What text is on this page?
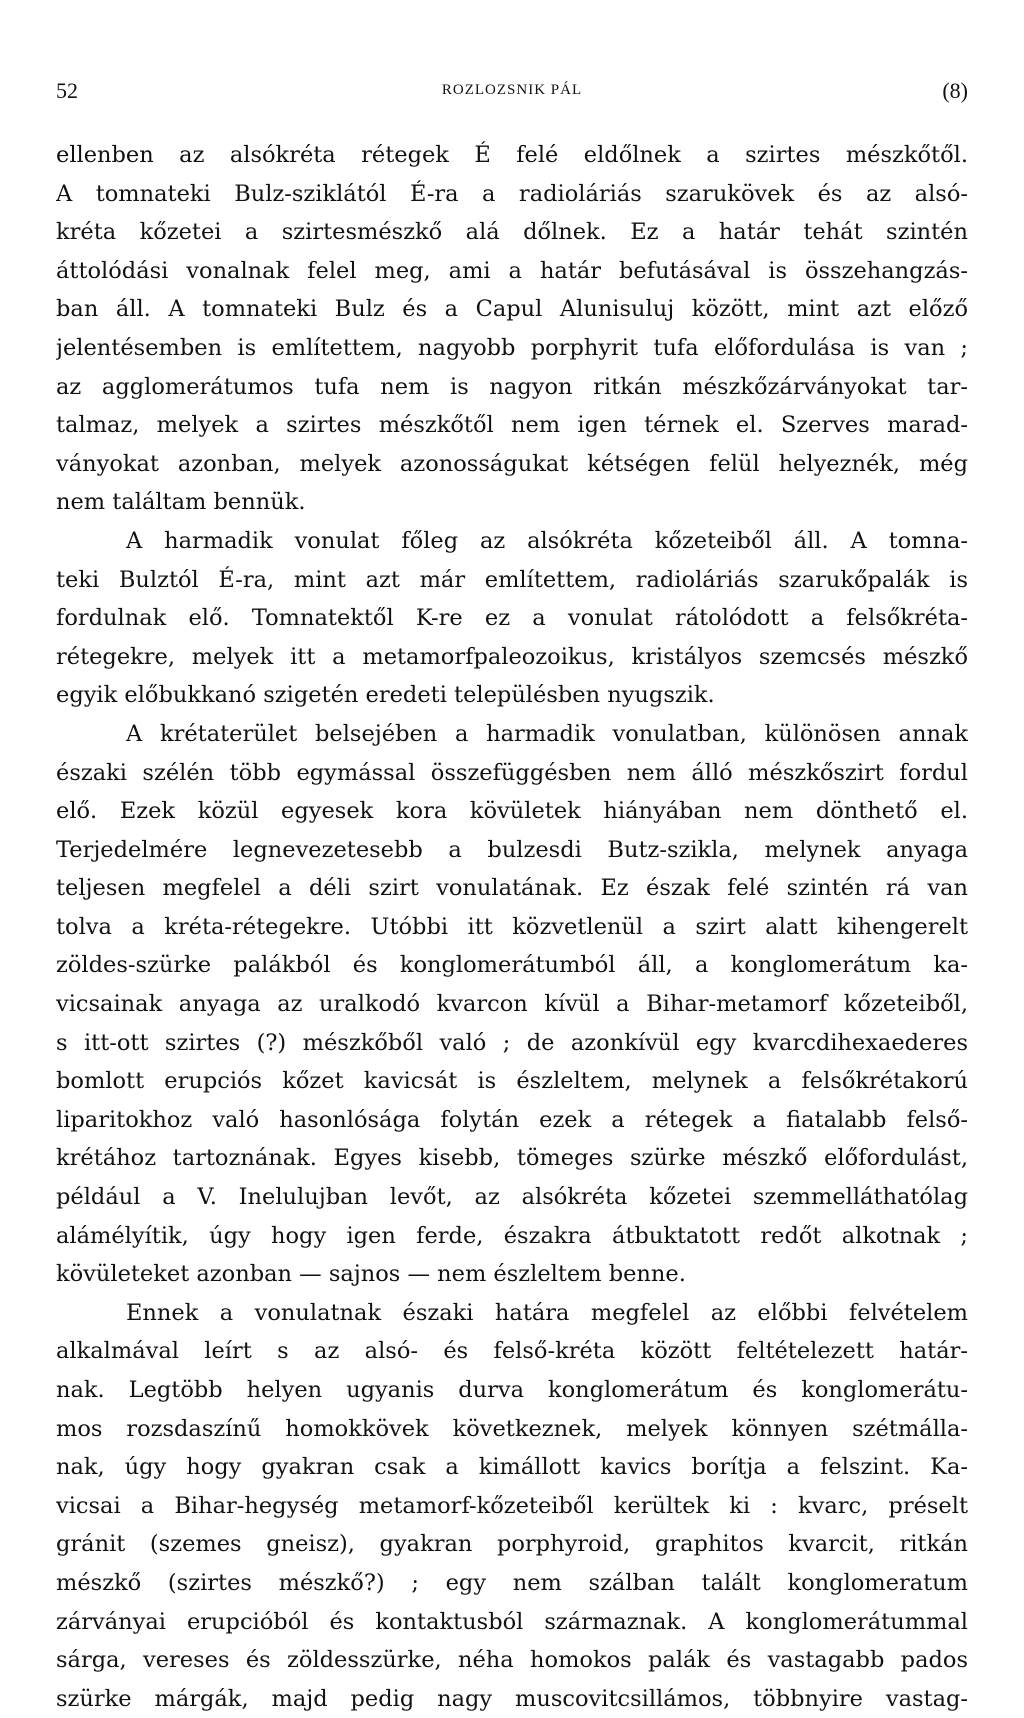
52	ROZLOZSNIK PÁL	(8)
ellenben az alsókréta rétegek É felé eldőlnek a szirtes mészkőtől.
A tomnateki Bulz-sziklától É-ra a radioláriás szarukövek és az alsó-
kréta kőzetei a szirtesmészkő alá dőlnek. Ez a határ tehát szintén
áttolódási vonalnak felel meg, ami a határ befutásával is összehangzás-
ban áll. A tomnateki Bulz és a Capul Alunisuluj között, mint azt előző
jelentésemben is említettem, nagyobb porphyrit tufa előfordulása is van ;
az agglomerátumos tufa nem is nagyon ritkán mészkőzárványokat tar-
talmaz, melyek a szirtes mészkőtől nem igen térnek el. Szerves marad-
ványokat azonban, melyek azonosságukat kétségen felül helyeznék, még
nem találtam bennük.
A harmadik vonulat főleg az alsókréta kőzeteiből áll. A tomna-
teki Bulztól É-ra, mint azt már említettem, radioláriás szarukőpalák is
fordulnak elő. Tomnatektől K-re ez a vonulat rátolódott a felsőkréta-
rétegekre, melyek itt a metamorfpaleozoikus, kristályos szemcsés mészkő
egyik előbukkanó szigetén eredeti településben nyugszik.
A krétaterület belsejében a harmadik vonulatban, különösen annak
északi szélén több egymással összefüggésben nem álló mészkőszirt fordul
elő. Ezek közül egyesek kora kövületek hiányában nem dönthető el.
Terjedelmére legnevezetesebb a bulzesdi Butz-szikla, melynek anyaga
teljesen megfelel a déli szirt vonulatának. Ez észak felé szintén rá van
tolva a kréta-rétegekre. Utóbbi itt közvetlenül a szirt alatt kihengerelt
zöldes-szürke palákból és konglomerátumból áll, a konglomerátum ka-
vicsainak anyaga az uralkodó kvarcon kívül a Bihar-metamorf kőzeteiből,
s itt-ott szirtes (?) mészkőből való ; de azonkívül egy kvarcdihexaederes
bomlott erupciós kőzet kavicsát is észleltem, melynek a felsőkrétakorú
liparitokhoz való hasonlósága folytán ezek a rétegek a fiatalabb felső-
krétához tartoznának. Egyes kisebb, tömeges szürke mészkő előfordulást,
például a V. Inelulujban levőt, az alsókréta kőzetei szemmelláthatólag
alámélyítik, úgy hogy igen ferde, északra átbuktatott redőt alkotnak ;
kövületeket azonban — sajnos — nem észleltem benne.
Ennek a vonulatnak északi határa megfelel az előbbi felvételem
alkalmával leírt s az alsó- és felső-kréta között feltételezett határ-
nak. Legtöbb helyen ugyanis durva konglomerátum és konglomerátu-
mos rozsdaszínű homokkövek következnek, melyek könnyen szétmálla-
nak, úgy hogy gyakran csak a kimállott kavics borítja a felszint. Ka-
vicsai a Bihar-hegység metamorf-kőzeteiből kerültek ki : kvarc, préselt
gránit (szemes gneisz), gyakran porphyroid, graphitos kvarcit, ritkán
mészkő (szirtes mészkő?) ; egy nem szálban talált konglomeratum
zárványai erupcióból és kontaktusból származnak. A konglomerátummal
sárga, vereses és zöldesszürke, néha homokos palák és vastagabb pados
szürke márgák, majd pedig nagy muscovitcsillámos, többnyire vastag-
